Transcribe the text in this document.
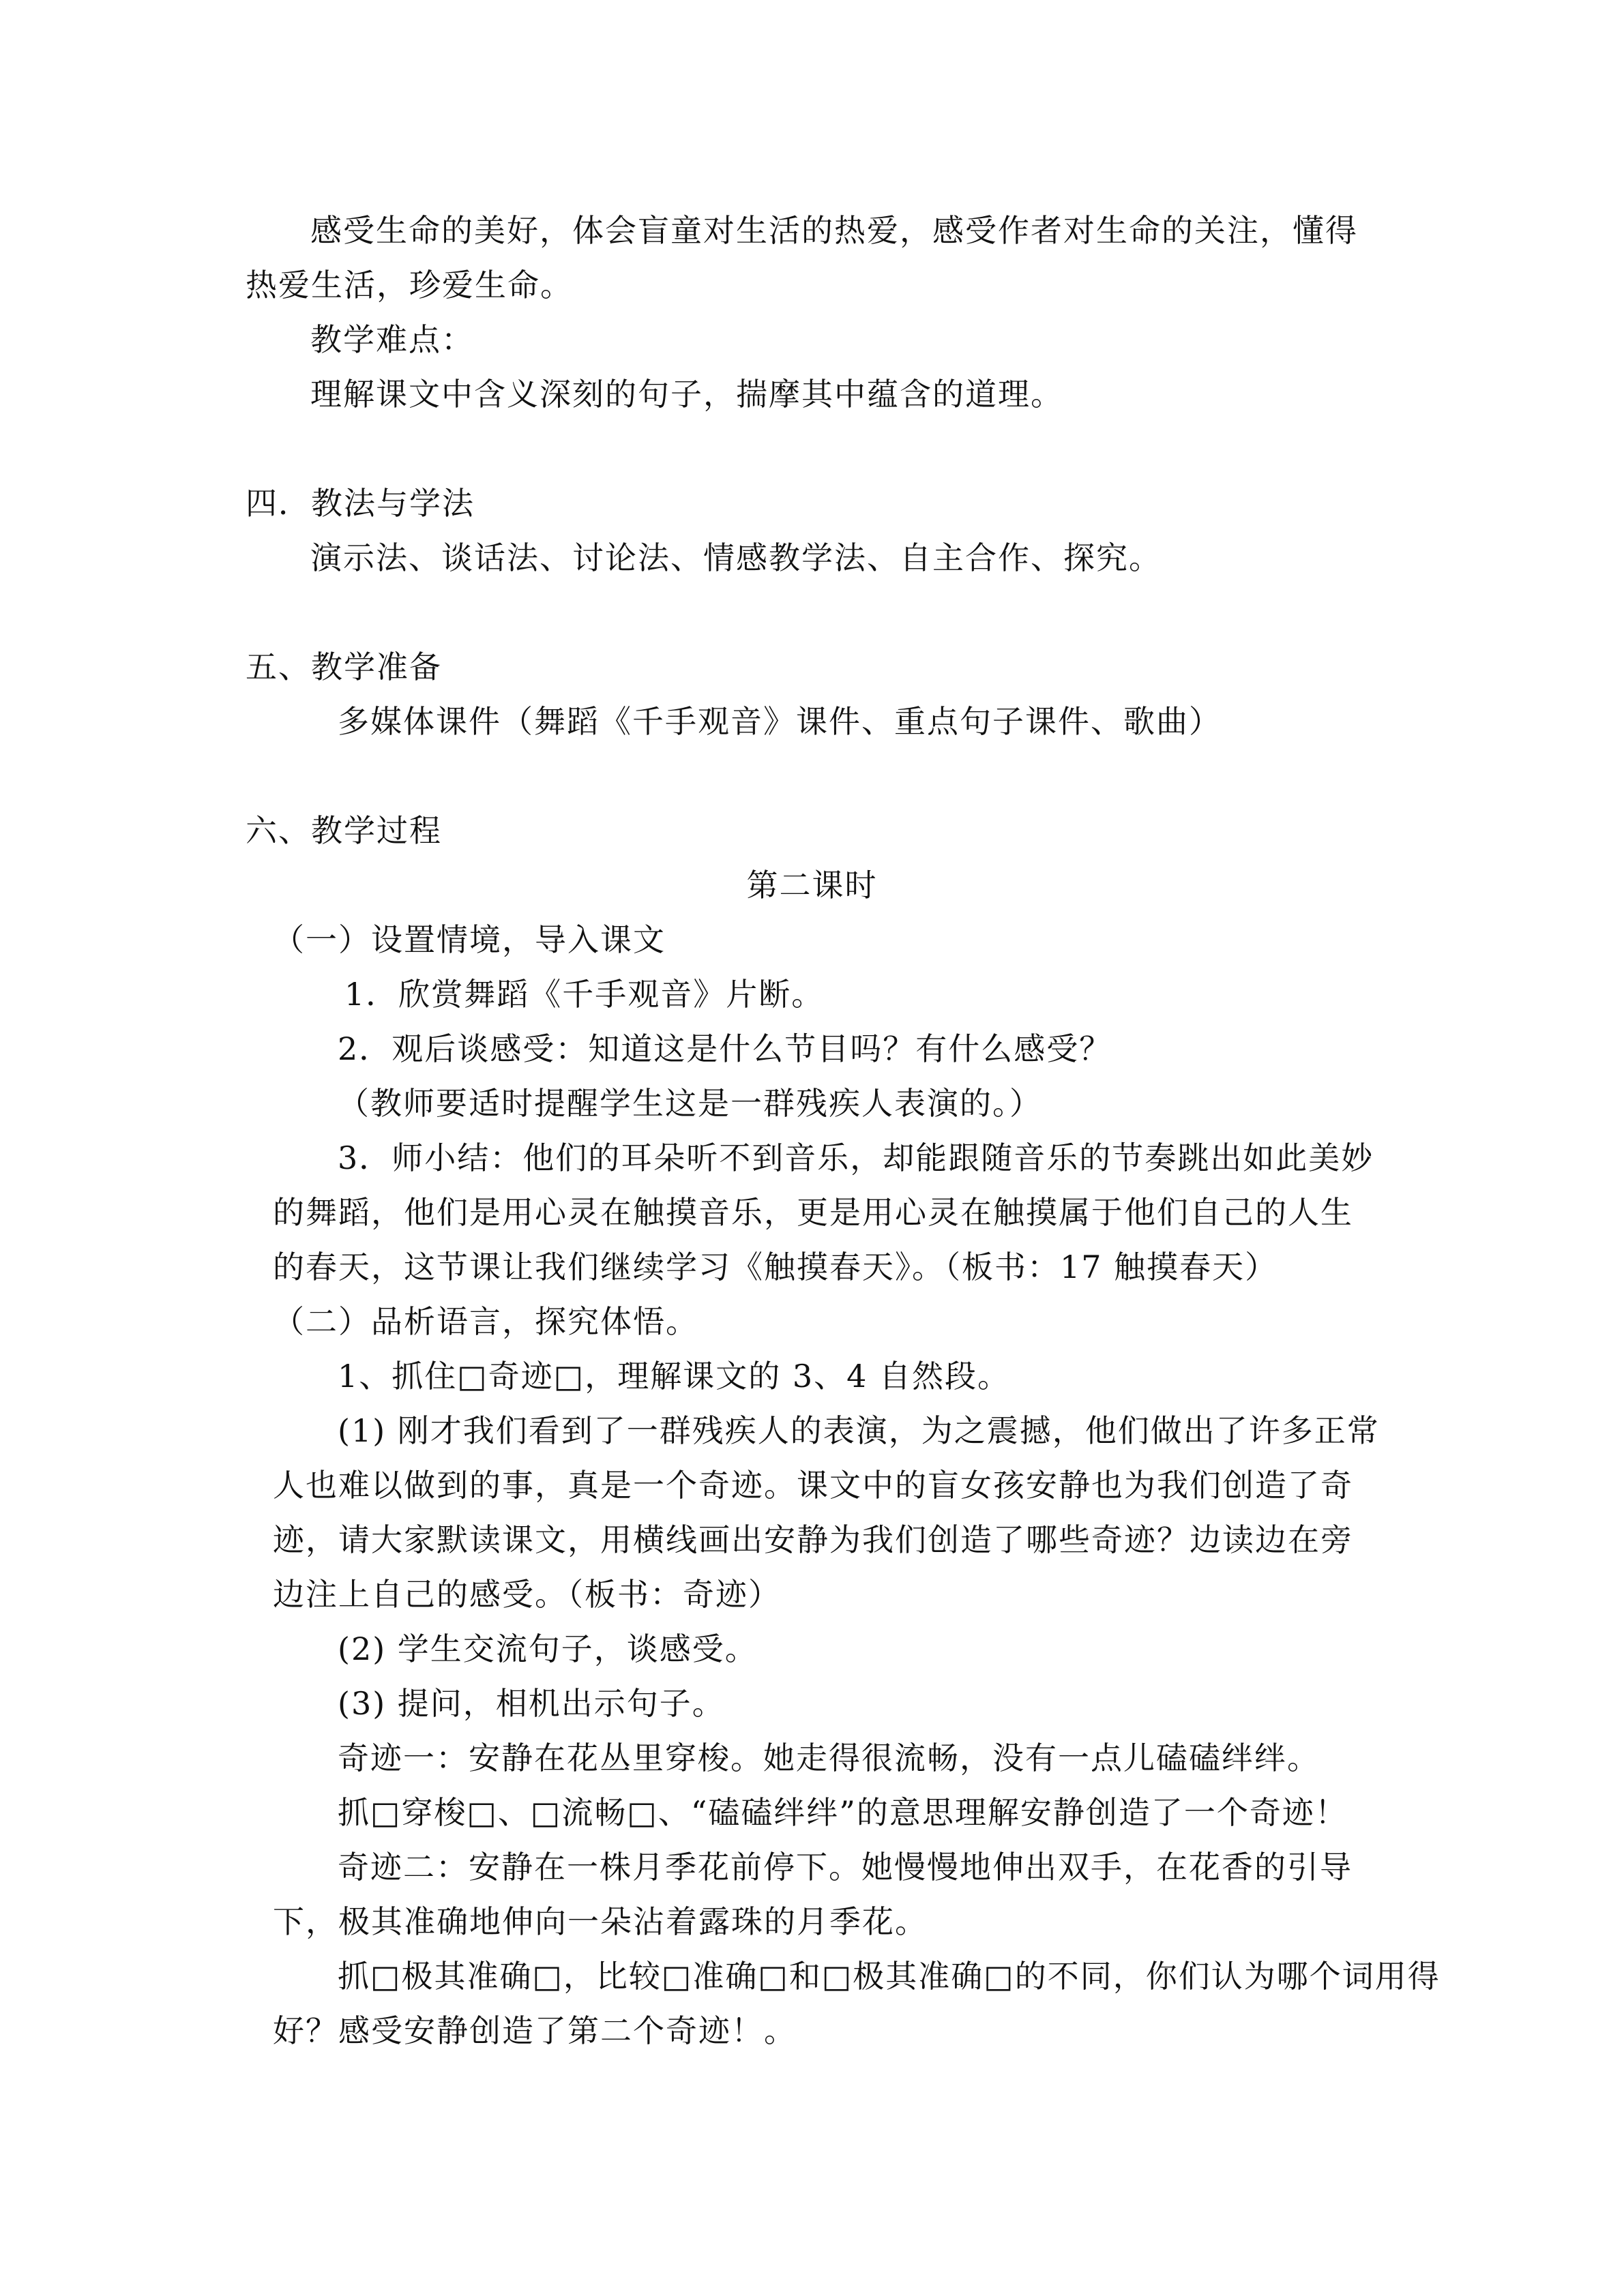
感受生命的美好，体会盲童对生活的热爱，感受作者对生命的关注，懂得
热爱生活，珍爱生命。
教学难点：
理解课文中含义深刻的句子，揣摩其中蕴含的道理。
四．教法与学法
演示法、谈话法、讨论法、情感教学法、自主合作、探究。
五、教学准备
多媒体课件（舞蹈《千手观音》课件、重点句子课件、歌曲）
六、教学过程
第二课时
（一）设置情境，导入课文
1．欣赏舞蹈《千手观音》片断。
2．观后谈感受：知道这是什么节目吗？有什么感受？
（教师要适时提醒学生这是一群残疾人表演的。）
3．师小结：他们的耳朵听不到音乐，却能跟随音乐的节奏跳出如此美妙
的舞蹈，他们是用心灵在触摸音乐，更是用心灵在触摸属于他们自己的人生
的春天，这节课让我们继续学习《触摸春天》。（板书：17 触摸春天）
（二）品析语言，探究体悟。
1、抓住□奇迹□，理解课文的 3、4 自然段。
(1) 刚才我们看到了一群残疾人的表演，为之震撼，他们做出了许多正常
人也难以做到的事，真是一个奇迹。课文中的盲女孩安静也为我们创造了奇
迹，请大家默读课文，用横线画出安静为我们创造了哪些奇迹？边读边在旁
边注上自己的感受。（板书：奇迹）
(2) 学生交流句子，谈感受。
(3) 提问，相机出示句子。
奇迹一：安静在花丛里穿梭。她走得很流畅，没有一点儿磕磕绊绊。
抓□穿梭□、□流畅□、“磕磕绊绊”的意思理解安静创造了一个奇迹！
奇迹二：安静在一株月季花前停下。她慢慢地伸出双手，在花香的引导
下，极其准确地伸向一朵沾着露珠的月季花。
抓□极其准确□，比较□准确□和□极其准确□的不同，你们认为哪个词用得
好？感受安静创造了第二个奇迹！。
